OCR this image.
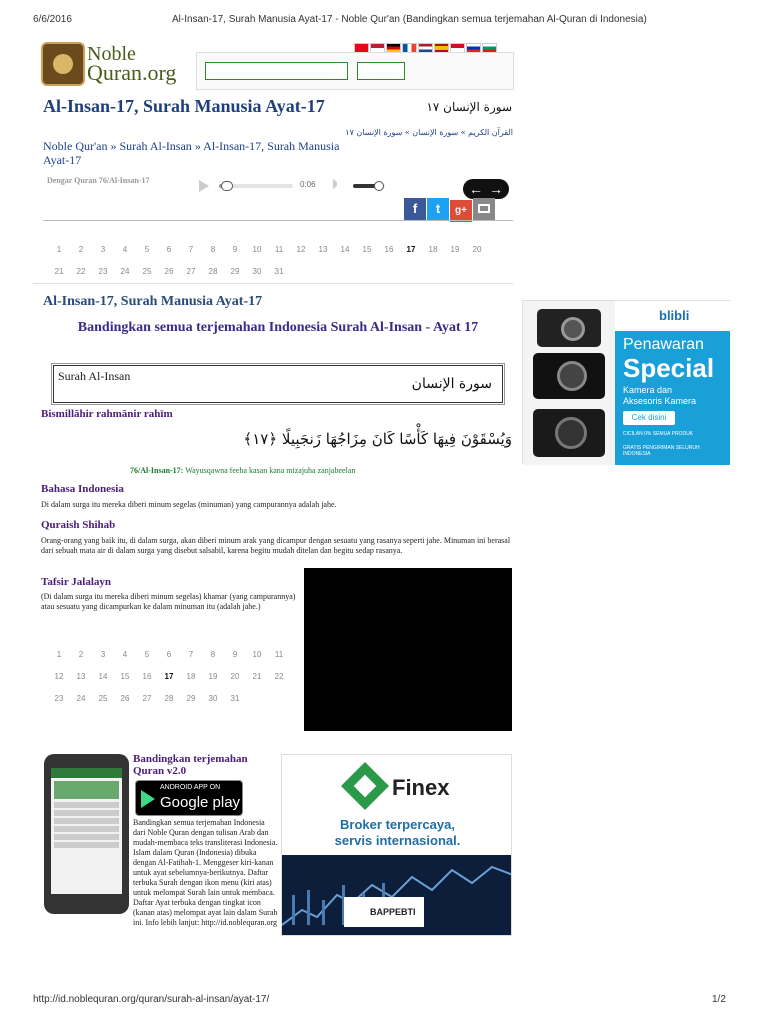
6/6/2016	Al-Insan-17, Surah Manusia Ayat-17 - Noble Qur'an (Bandingkan semua terjemahan Al-Quran di Indonesia)
Noble
Quran.org
Al-Insan-17, Surah Manusia Ayat-17	سورة الإنسان ١٧
Noble Qur'an » Surah Al-Insan » Al-Insan-17, Surah Manusia Ayat-17
القرآن الكريم » سورة الإنسان » سورة الإنسان ١٧
Dengar Quran 76/Al-Insan-17	0:06	← →
f t g+
1 2 3 4 5 6 7 8 9 10 11 12 13 14 15 16 17 18 19 20
21 22 23 24 25 26 27 28 29 30 31
Al-Insan-17, Surah Manusia Ayat-17
Bandingkan semua terjemahan Indonesia Surah Al-Insan - Ayat 17
Surah Al-Insan	سورة الإنسان
Bismillāhir rahmānir rahīm
وَيُسْقَوْنَ فِيهَا كَأْسًا كَانَ مِزَاجُهَا زَنجَبِيلًا ﴿١٧﴾
76/Al-Insan-17: Wayusqawna feeha kasan kana mizajuha zanjabeelan
Bahasa Indonesia
Di dalam surga itu mereka diberi minum segelas (minuman) yang campurannya adalah jahe.
Quraish Shihab
Orang-orang yang baik itu, di dalam surga, akan diberi minum arak yang dicampur dengan sesuatu yang rasanya seperti jahe. Minuman ini berasal dari sebuah mata air di dalam surga yang disebut salsabil, karena begitu mudah ditelan dan begitu sedap rasanya.
Tafsir Jalalayn
(Di dalam surga itu mereka diberi minum segelas) khamar (yang campurannya) atau sesuatu yang dicampurkan ke dalam minuman itu (adalah jahe.)
1 2 3 4 5 6 7 8 9 10 11
12 13 14 15 16 17 18 19 20 21 22
23 24 25 26 27 28 29 30 31
Bandingkan terjemahan Quran v2.0
ANDROID APP ON
Google play
Bandingkan semua terjemahan Indonesia dari Noble Quran dengan tulisan Arab dan mudah-membaca teks transliterasi Indonesia. Islam dalam Quran (Indonesia) dibuka dengan Al-Fatihah-1. Menggeser kiri-kanan untuk ayat sebelumnya-berikutnya. Daftar terbuka Surah dengan ikon menu (kiri atas) untuk melompat Surah lain untuk membaca. Daftar Ayat terbuka dengan tingkat icon (kanan atas) melompat ayat lain dalam Surah ini. Info lebih lanjut: http://id.noblequran.org
blibli
Penawaran
Special
Kamera dan
Aksesoris Kamera
Cek disini
CICILAN 0% SEMUA PRODUK
GRATIS PENGIRIMAN SELURUH INDONESIA
Finex
Broker terpercaya,
servis internasional.
BAPPEBTI
http://id.noblequran.org/quran/surah-al-insan/ayat-17/	1/2
